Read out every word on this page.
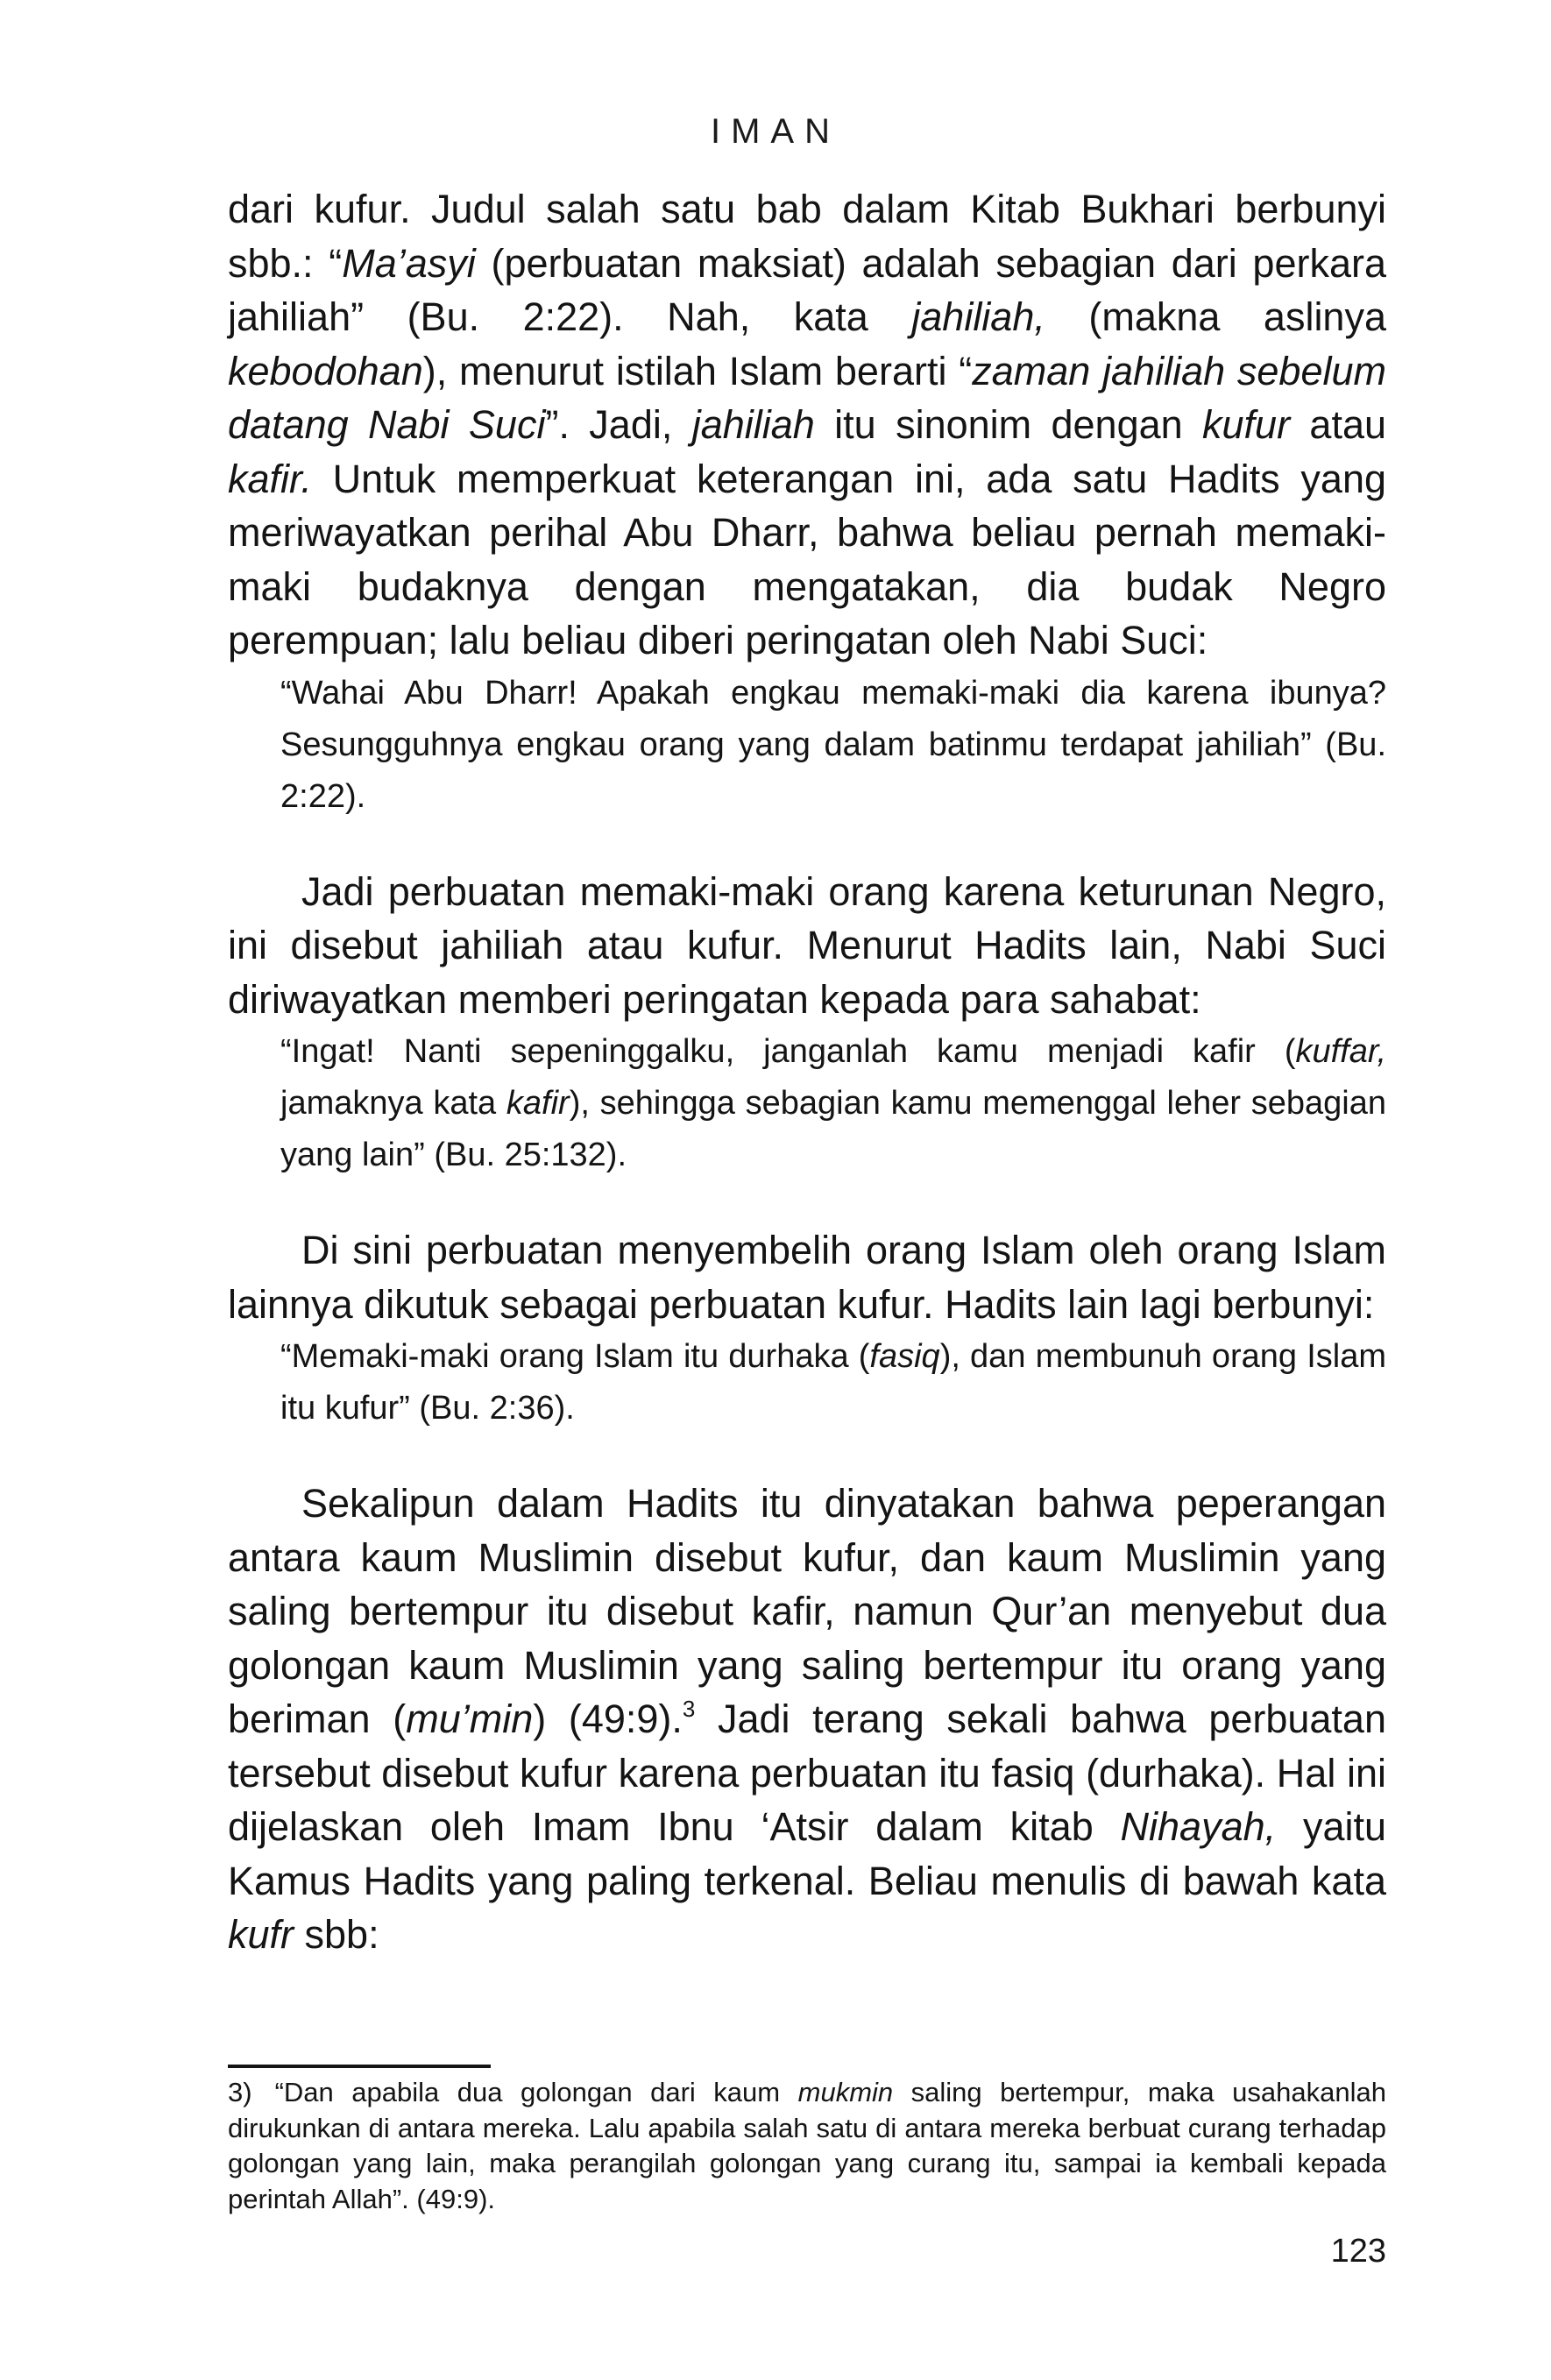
IMAN

dari kufur. Judul salah satu bab dalam Kitab Bukhari berbunyi sbb.: “Ma’asyi (perbuatan maksiat) adalah sebagian dari perkara jahiliah” (Bu. 2:22). Nah, kata jahiliah, (makna aslinya kebodohan), menurut istilah Islam berarti “zaman jahiliah sebelum datang Nabi Suci”. Jadi, jahiliah itu sinonim dengan kufur atau kafir. Untuk memperkuat keterangan ini, ada satu Hadits yang meriwayatkan perihal Abu Dharr, bahwa beliau pernah memaki-maki budaknya dengan mengatakan, dia budak Negro perempuan; lalu beliau diberi peringatan oleh Nabi Suci:

“Wahai Abu Dharr! Apakah engkau memaki-maki dia karena ibunya? Sesungguhnya engkau orang yang dalam batinmu terdapat jahiliah” (Bu. 2:22).

Jadi perbuatan memaki-maki orang karena keturunan Negro, ini disebut jahiliah atau kufur. Menurut Hadits lain, Nabi Suci diriwayatkan memberi peringatan kepada para sahabat:

“Ingat! Nanti sepeninggalku, janganlah kamu menjadi kafir (kuffar, jamaknya kata kafir), sehingga sebagian kamu memenggal leher sebagian yang lain” (Bu. 25:132).

Di sini perbuatan menyembelih orang Islam oleh orang Islam lainnya dikutuk sebagai perbuatan kufur. Hadits lain lagi berbunyi:

“Memaki-maki orang Islam itu durhaka (fasiq), dan membunuh orang Islam itu kufur” (Bu. 2:36).

Sekalipun dalam Hadits itu dinyatakan bahwa peperangan antara kaum Muslimin disebut kufur, dan kaum Muslimin yang saling bertempur itu disebut kafir, namun Qur’an menyebut dua golongan kaum Muslimin yang saling bertempur itu orang yang beriman (mu’min) (49:9).$^3$ Jadi terang sekali bahwa perbuatan tersebut disebut kufur karena perbuatan itu fasiq (durhaka). Hal ini dijelaskan oleh Imam Ibnu ‘Atsir dalam kitab Nihayah, yaitu Kamus Hadits yang paling terkenal. Beliau menulis di bawah kata kufr sbb:

3) “Dan apabila dua golongan dari kaum mukmin saling bertempur, maka usahakanlah dirukunkan di antara mereka. Lalu apabila salah satu di antara mereka berbuat curang terhadap golongan yang lain, maka perangilah golongan yang curang itu, sampai ia kembali kepada perintah Allah”. (49:9).
123
